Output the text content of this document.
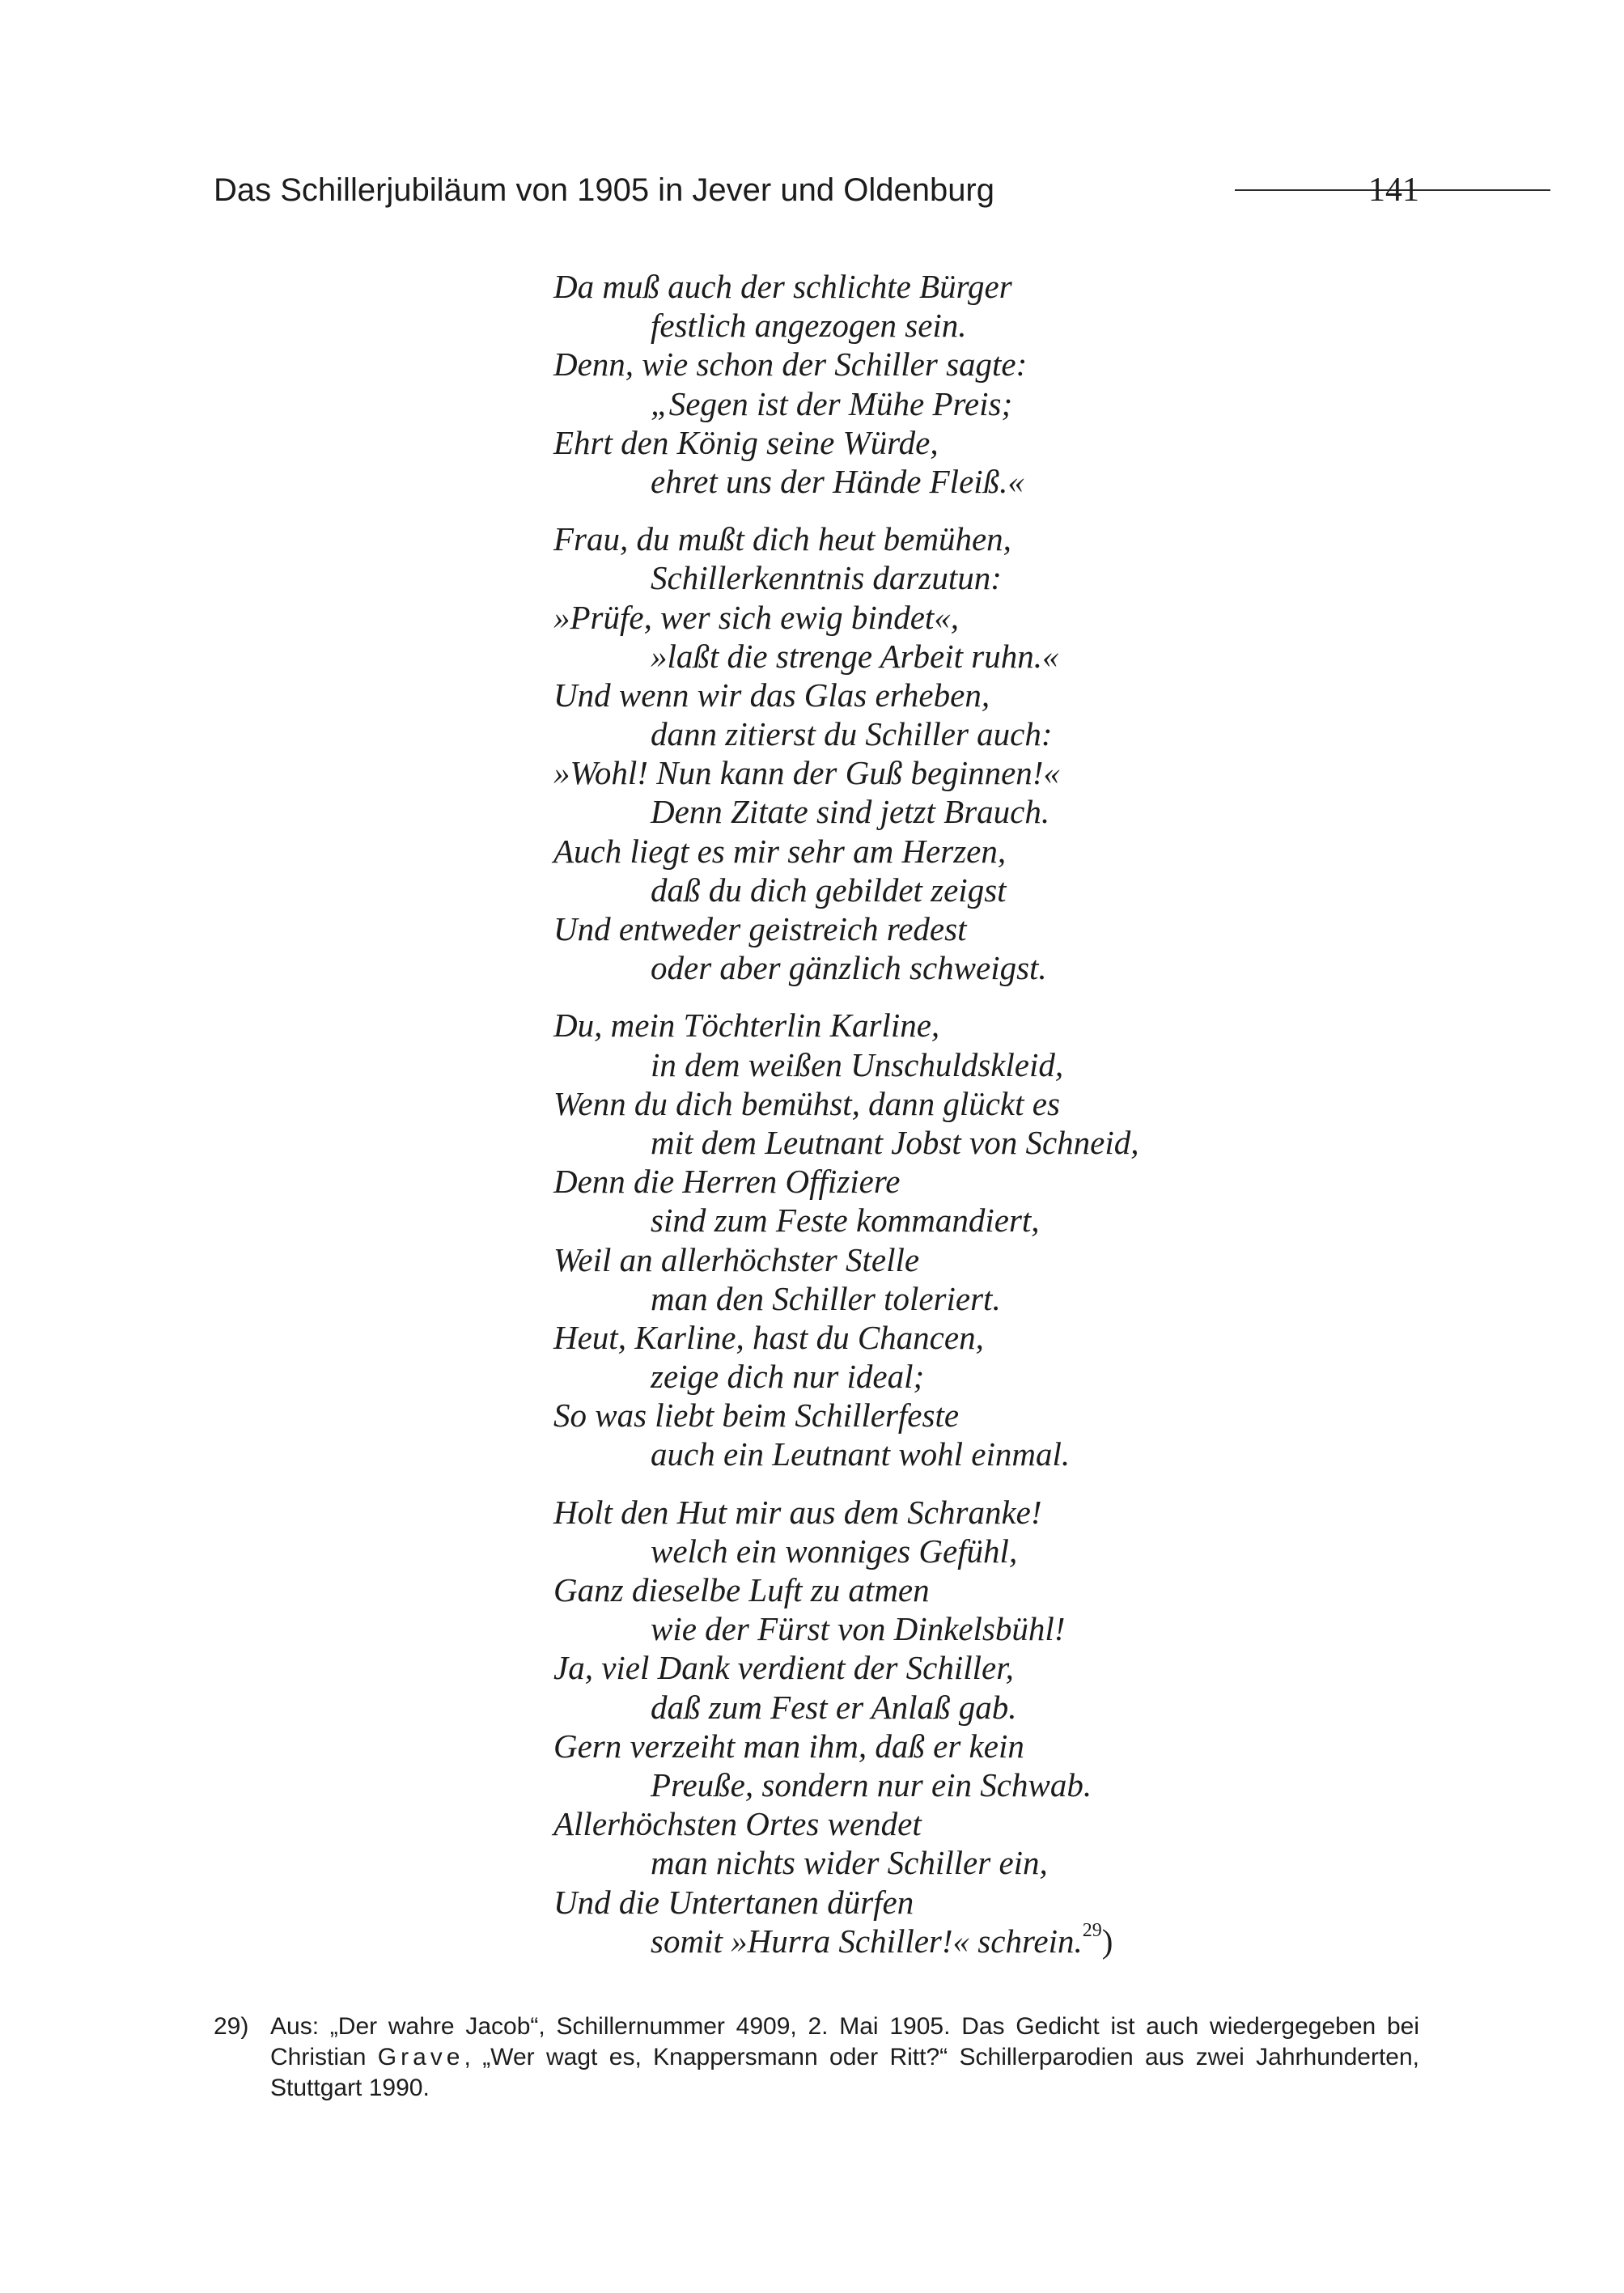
Das Schillerjubiläum von 1905 in Jever und Oldenburg	141
Da muß auch der schlichte Bürger
festlich angezogen sein.
Denn, wie schon der Schiller sagte:
„Segen ist der Mühe Preis;
Ehrt den König seine Würde,
ehret uns der Hände Fleiß.«
Frau, du mußt dich heut bemühen,
Schillerkenntnis darzutun:
»Prüfe, wer sich ewig bindet«,
»laßt die strenge Arbeit ruhn.«
Und wenn wir das Glas erheben,
dann zitierst du Schiller auch:
»Wohl! Nun kann der Guß beginnen!«
Denn Zitate sind jetzt Brauch.
Auch liegt es mir sehr am Herzen,
daß du dich gebildet zeigst
Und entweder geistreich redest
oder aber gänzlich schweigst.
Du, mein Töchterlin Karline,
in dem weißen Unschuldskleid,
Wenn du dich bemühst, dann glückt es
mit dem Leutnant Jobst von Schneid,
Denn die Herren Offiziere
sind zum Feste kommandiert,
Weil an allerhöchster Stelle
man den Schiller toleriert.
Heut, Karline, hast du Chancen,
zeige dich nur ideal;
So was liebt beim Schillerfeste
auch ein Leutnant wohl einmal.
Holt den Hut mir aus dem Schranke!
welch ein wonniges Gefühl,
Ganz dieselbe Luft zu atmen
wie der Fürst von Dinkelsbühl!
Ja, viel Dank verdient der Schiller,
daß zum Fest er Anlaß gab.
Gern verzeiht man ihm, daß er kein
Preuße, sondern nur ein Schwab.
Allerhöchsten Ortes wendet
man nichts wider Schiller ein,
Und die Untertanen dürfen
somit »Hurra Schiller!« schrein.$^{29}$)
29) Aus: „Der wahre Jacob“, Schillernummer 4909, 2. Mai 1905. Das Gedicht ist auch wiedergegeben bei Christian Grave, „Wer wagt es, Knappersmann oder Ritt?“ Schillerparodien aus zwei Jahrhunderten, Stuttgart 1990.
